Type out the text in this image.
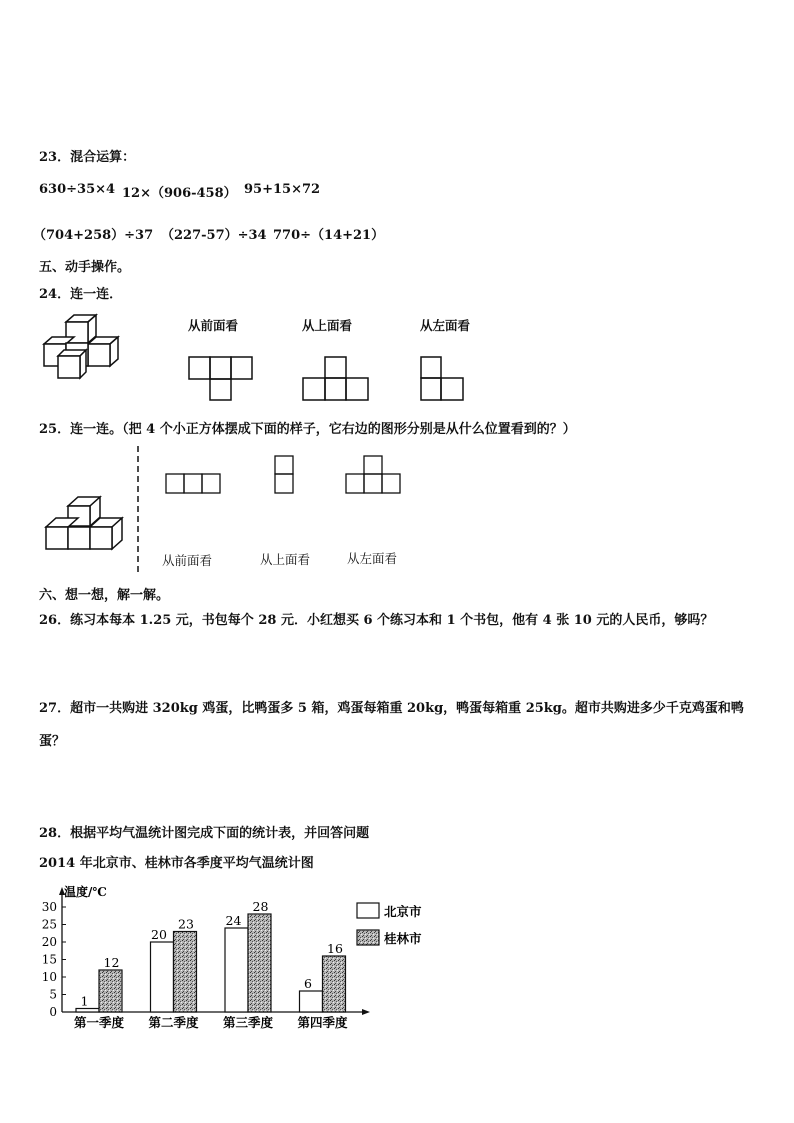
23．混合运算：
630÷35×4 12×（906-458） 95+15×72
（704+258）÷37 （227-57）÷34 770÷（14+21）
五、动手操作。
24．连一连．
从前面看	从上面看	从左面看
25．连一连。（把 4 个小正方体摆成下面的样子，它右边的图形分别是从什么位置看到的？）
从前面看	从上面看	从左面看
六、想一想，解一解。
26．练习本每本 1.25 元，书包每个 28 元．小红想买 6 个练习本和 1 个书包，他有 4 张 10 元的人民币，够吗？
27．超市一共购进 320kg 鸡蛋，比鸭蛋多 5 箱，鸡蛋每箱重 20kg，鸭蛋每箱重 25kg。超市共购进多少千克鸡蛋和鸭
蛋？
28．根据平均气温统计图完成下面的统计表，并回答问题
2014 年北京市、桂林市各季度平均气温统计图
温度/℃
0
5
10
15
20
25
30
1
12
第一季度
20
23
第二季度
24
28
第三季度
6
16
第四季度
北京市
桂林市
